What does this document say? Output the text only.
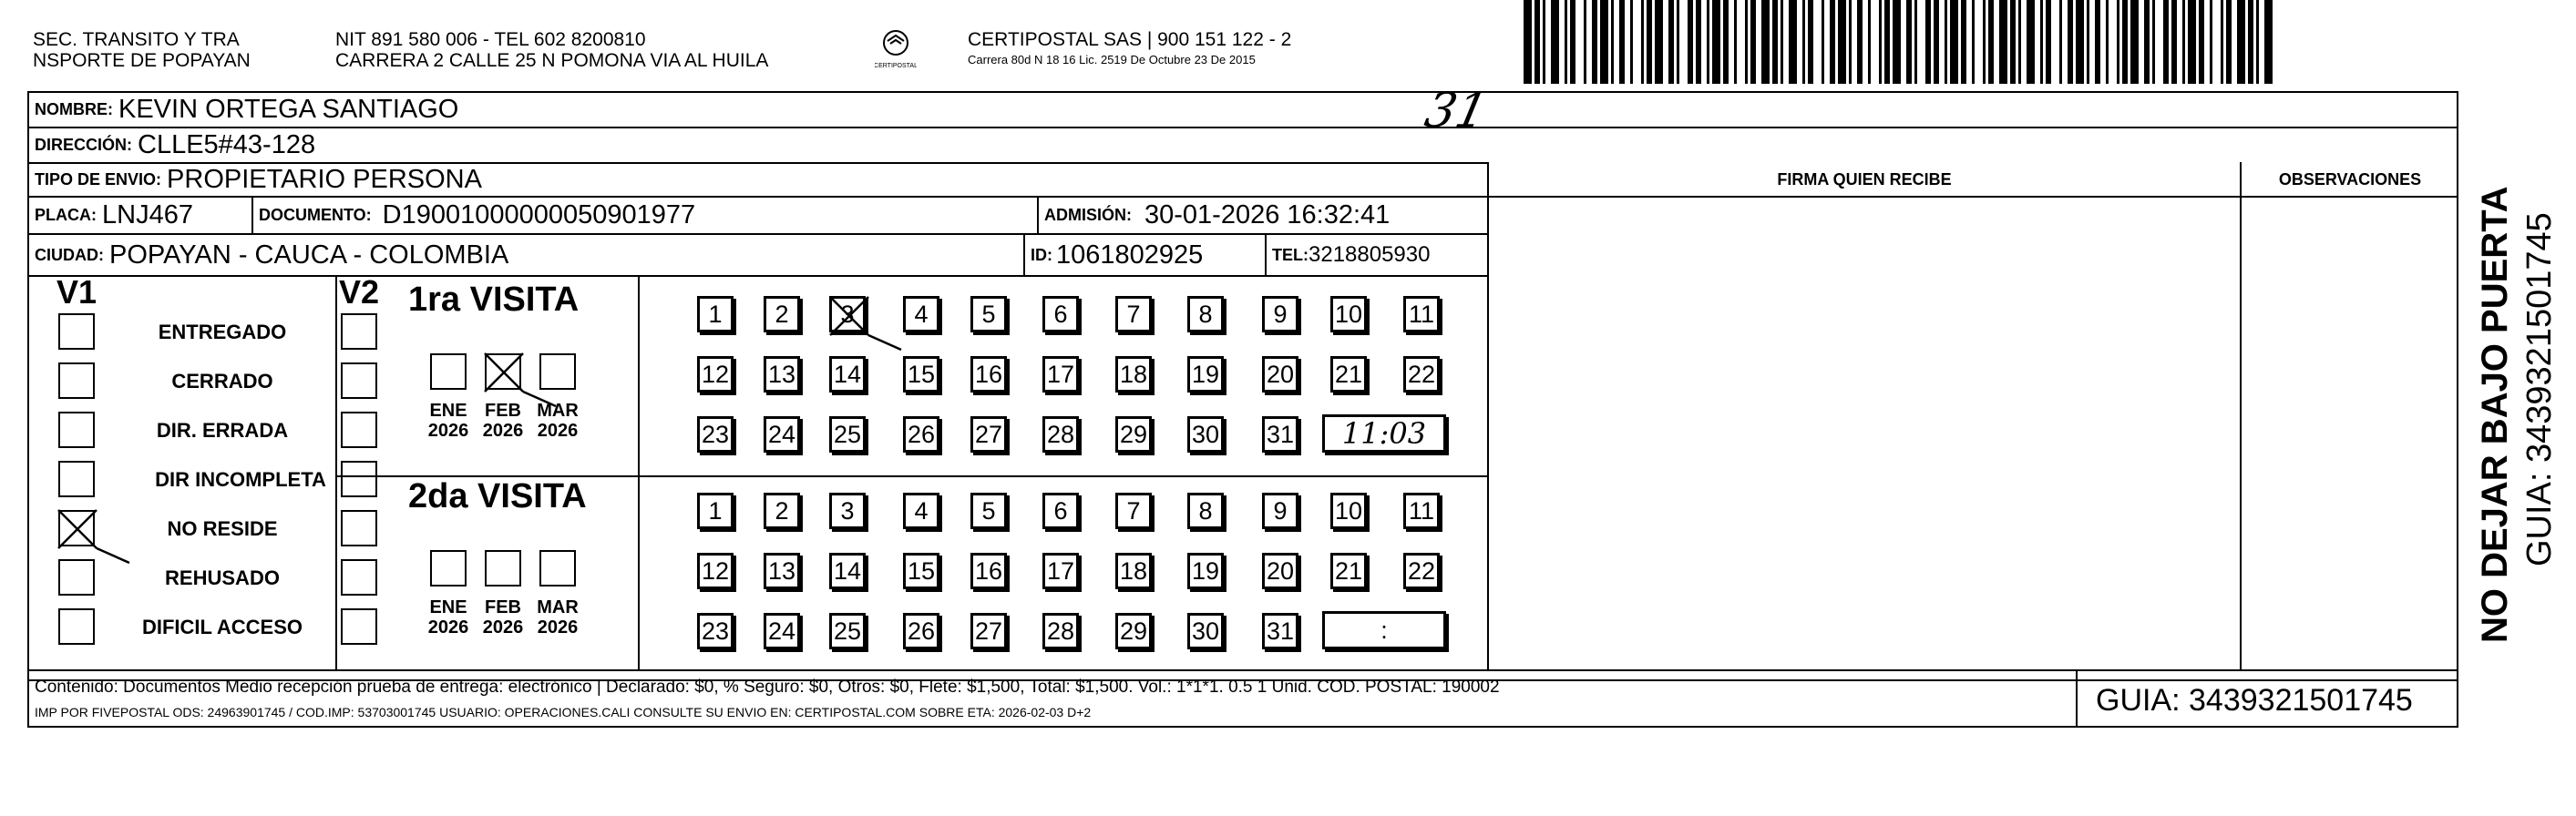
SEC. TRANSITO Y TRA
NSPORTE DE POPAYAN
NIT 891 580 006 - TEL 602 8200810
CARRERA 2 CALLE 25 N POMONA VIA AL HUILA	CERTIPOSTAL
CERTIPOSTAL SAS | 900 151 122 - 2
Carrera 80d N 18 16 Lic. 2519 De Octubre 23 De 2015
NOMBRE: KEVIN ORTEGA SANTIAGO	31
DIRECCIÓN: CLLE5#43-128
TIPO DE ENVIO: PROPIETARIO PERSONA	FIRMA QUIEN RECIBE	OBSERVACIONES
PLACA: LNJ467	DOCUMENTO: D19001000000050901977	ADMISIÓN: 30-01-2026 16:32:41
CIUDAD: POPAYAN - CAUCA - COLOMBIA	ID: 1061802925	TEL: 3218805930
V1	V2
ENTREGADO
CERRADO
DIR. ERRADA
DIR INCOMPLETA
NO RESIDE
REHUSADO
DIFICIL ACCESO
1ra VISITA
2da VISITA
ENE
2026
FEB
2026
MAR
2026
ENE
2026
FEB
2026
MAR
2026
1 2 3 4 5 6 7 8 9 10 11
12 13 14 15 16 17 18 19 20 21 22
23 24 25 26 27 28 29 30 31
1 2 3 4 5 6 7 8 9 10 11
12 13 14 15 16 17 18 19 20 21 22
23 24 25 26 27 28 29 30 31
11:03
:
Contenido: Documentos Medio recepción prueba de entrega: electrónico | Declarado: $0, % Seguro: $0, Otros: $0, Flete: $1,500, Total: $1,500. Vol.: 1*1*1. 0.5 1 Unid. COD. POSTAL: 190002
IMP POR FIVEPOSTAL ODS: 24963901745 / COD.IMP: 53703001745 USUARIO: OPERACIONES.CALI CONSULTE SU ENVIO EN: CERTIPOSTAL.COM SOBRE ETA: 2026-02-03 D+2	GUIA: 3439321501745
NO DEJAR BAJO PUERTA GUIA: 3439321501745
